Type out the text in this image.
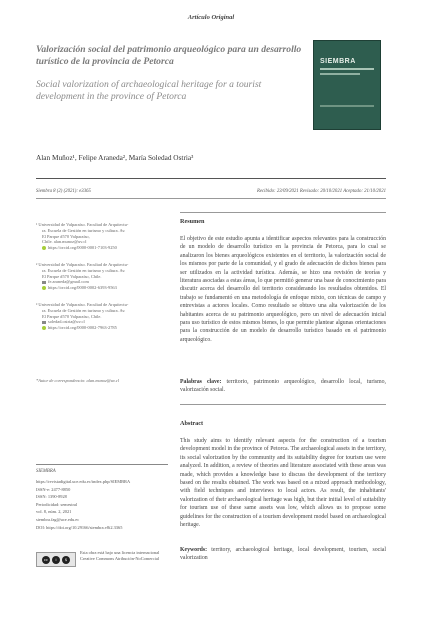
Artículo Original
Valorización social del patrimonio arqueológico para un desarrollo turístico de la provincia de Petorca
Social valorization of archaeological heritage for a tourist development in the province of Petorca
SIEMBRA
Alan Muñoz¹, Felipe Araneda², María Soledad Ostria³
Siembra 8 (2) (2021): e3365	Recibido: 23/09/2021 Revisado: 20/10/2021 Aceptado: 21/10/2021
¹ Universidad de Valparaíso. Facultad de Arquitectu-
ra. Escuela de Gestión en turismo y cultura. Av.
El Parque #570 Valparaíso,
Chile. alan.munoz@uv.cl
https://orcid.org/0000-0001-7103-9250
² Universidad de Valparaíso. Facultad de Arquitectu-
ra. Escuela de Gestión en turismo y cultura. Av.
El Parque #570 Valparaíso, Chile.
fe.araneda@gmail.com
https://orcid.org/0000-0002-6393-9563
³ Universidad de Valparaíso. Facultad de Arquitectu-
ra. Escuela de Gestión en turismo y cultura. Av.
El Parque #570 Valparaíso, Chile.
soledad.ostria@uv.cl
https://orcid.org/0000-0002-7963-2785
*Autor de correspondencia: alan.munoz@uv.cl
SIEMBRA
https://revistadigital.uce.edu.ec/index.php/SIEMBRA
ISSN-e: 2477-8850
ISSN: 1390-8928
Periodicidad: semestral
vol. 8, núm. 2, 2021
siembra.fag@uce.edu.ec
DOI: https://doi.org/10.29166/siembra.v8i2.3365
cc	i	$
Esta obra está bajo una licencia internacional Creative Commons Atribución-NoComercial
Resumen
El objetivo de este estudio apunta a identificar aspectos relevantes para la construcción de un modelo de desarrollo turístico en la provincia de Petorca, para lo cual se analizaron los bienes arqueológicos existentes en el territorio, la valorización social de los mismos por parte de la comunidad, y el grado de adecuación de dichos bienes para ser utilizados en la actividad turística. Además, se hizo una revisión de teorías y literatura asociadas a estas áreas, lo que permitió generar una base de conocimiento para discutir acerca del desarrollo del territorio considerando los resultados obtenidos. El trabajo se fundamentó en una metodología de enfoque mixto, con técnicas de campo y entrevistas a actores locales. Como resultado se obtuvo una alta valorización de los habitantes acerca de su patrimonio arqueológico, pero un nivel de adecuación inicial para uso turístico de estos mismos bienes, lo que permite plantear algunas orientaciones para la construcción de un modelo de desarrollo turístico basado en el patrimonio arqueológico.
Palabras clave: territorio, patrimonio arqueológico, desarrollo local, turismo, valorización social.
Abstract
This study aims to identify relevant aspects for the construction of a tourism development model in the province of Petorca. The archaeological assets in the territory, its social valorization by the community and its suitability degree for tourism use were analyzed. In addition, a review of theories and literature associated with these areas was made, which provides a knowledge base to discuss the development of the territory based on the results obtained. The work was based on a mixed approach methodology, with field techniques and interviews to local actors. As result, the inhabitants' valorization of their archaeological heritage was high, but their initial level of suitability for tourism use of these same assets was low, which allows us to propose some guidelines for the construction of a tourism development model based on archaeological heritage.
Keywords: territory, archaeological heritage, local development, tourism, social valorization
